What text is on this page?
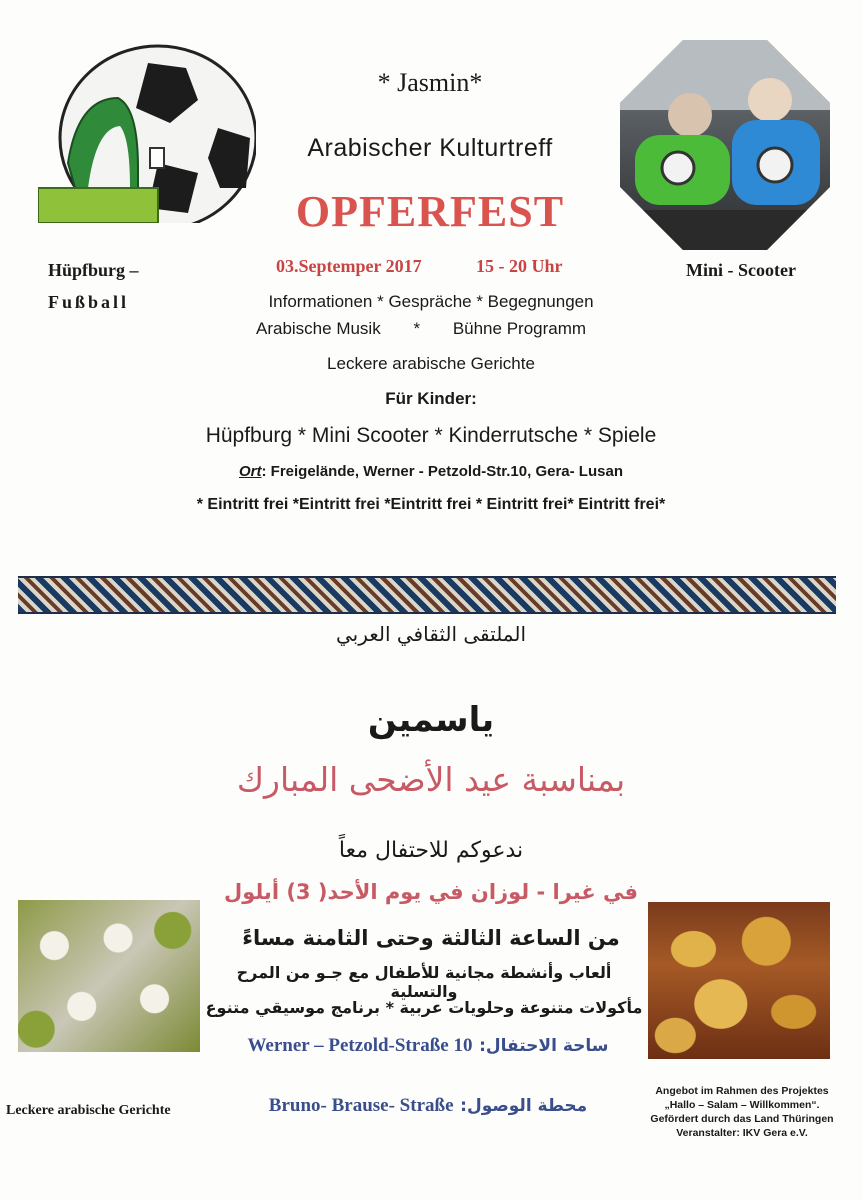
* Jasmin*
Arabischer Kulturtreff
OPFERFEST
03.Septemper 2017	15 - 20 Uhr
Hüpfburg –
Fußball
Mini - Scooter
Informationen * Gespräche * Begegnungen
Arabische Musik * Bühne Programm
Leckere arabische Gerichte
Für Kinder:
Hüpfburg * Mini Scooter * Kinderrutsche * Spiele
Ort: Freigelände, Werner - Petzold-Str.10, Gera- Lusan
* Eintritt frei *Eintritt frei *Eintritt frei * Eintritt frei* Eintritt frei*
الملتقى الثقافي العربي
ياسمين
بمناسبة عيد الأضحى المبارك
ندعوكم للاحتفال معاً
في غيرا - لوزان في يوم الأحد( 3) أيلول
من الساعة الثالثة وحتى الثامنة مساءً
ألعاب وأنشطة مجانية للأطفال مع جـو من المرح والتسلية
مأكولات متنوعة وحلويات عربية * برنامج موسيقي متنوع
Werner – Petzold-Straße 10 ساحة الاحتفال:
Bruno- Brause- Straße محطة الوصول:
Leckere arabische Gerichte
Angebot im Rahmen des Projektes
„Hallo – Salam – Willkommen“.
Gefördert durch das Land Thüringen
Veranstalter: IKV Gera e.V.
